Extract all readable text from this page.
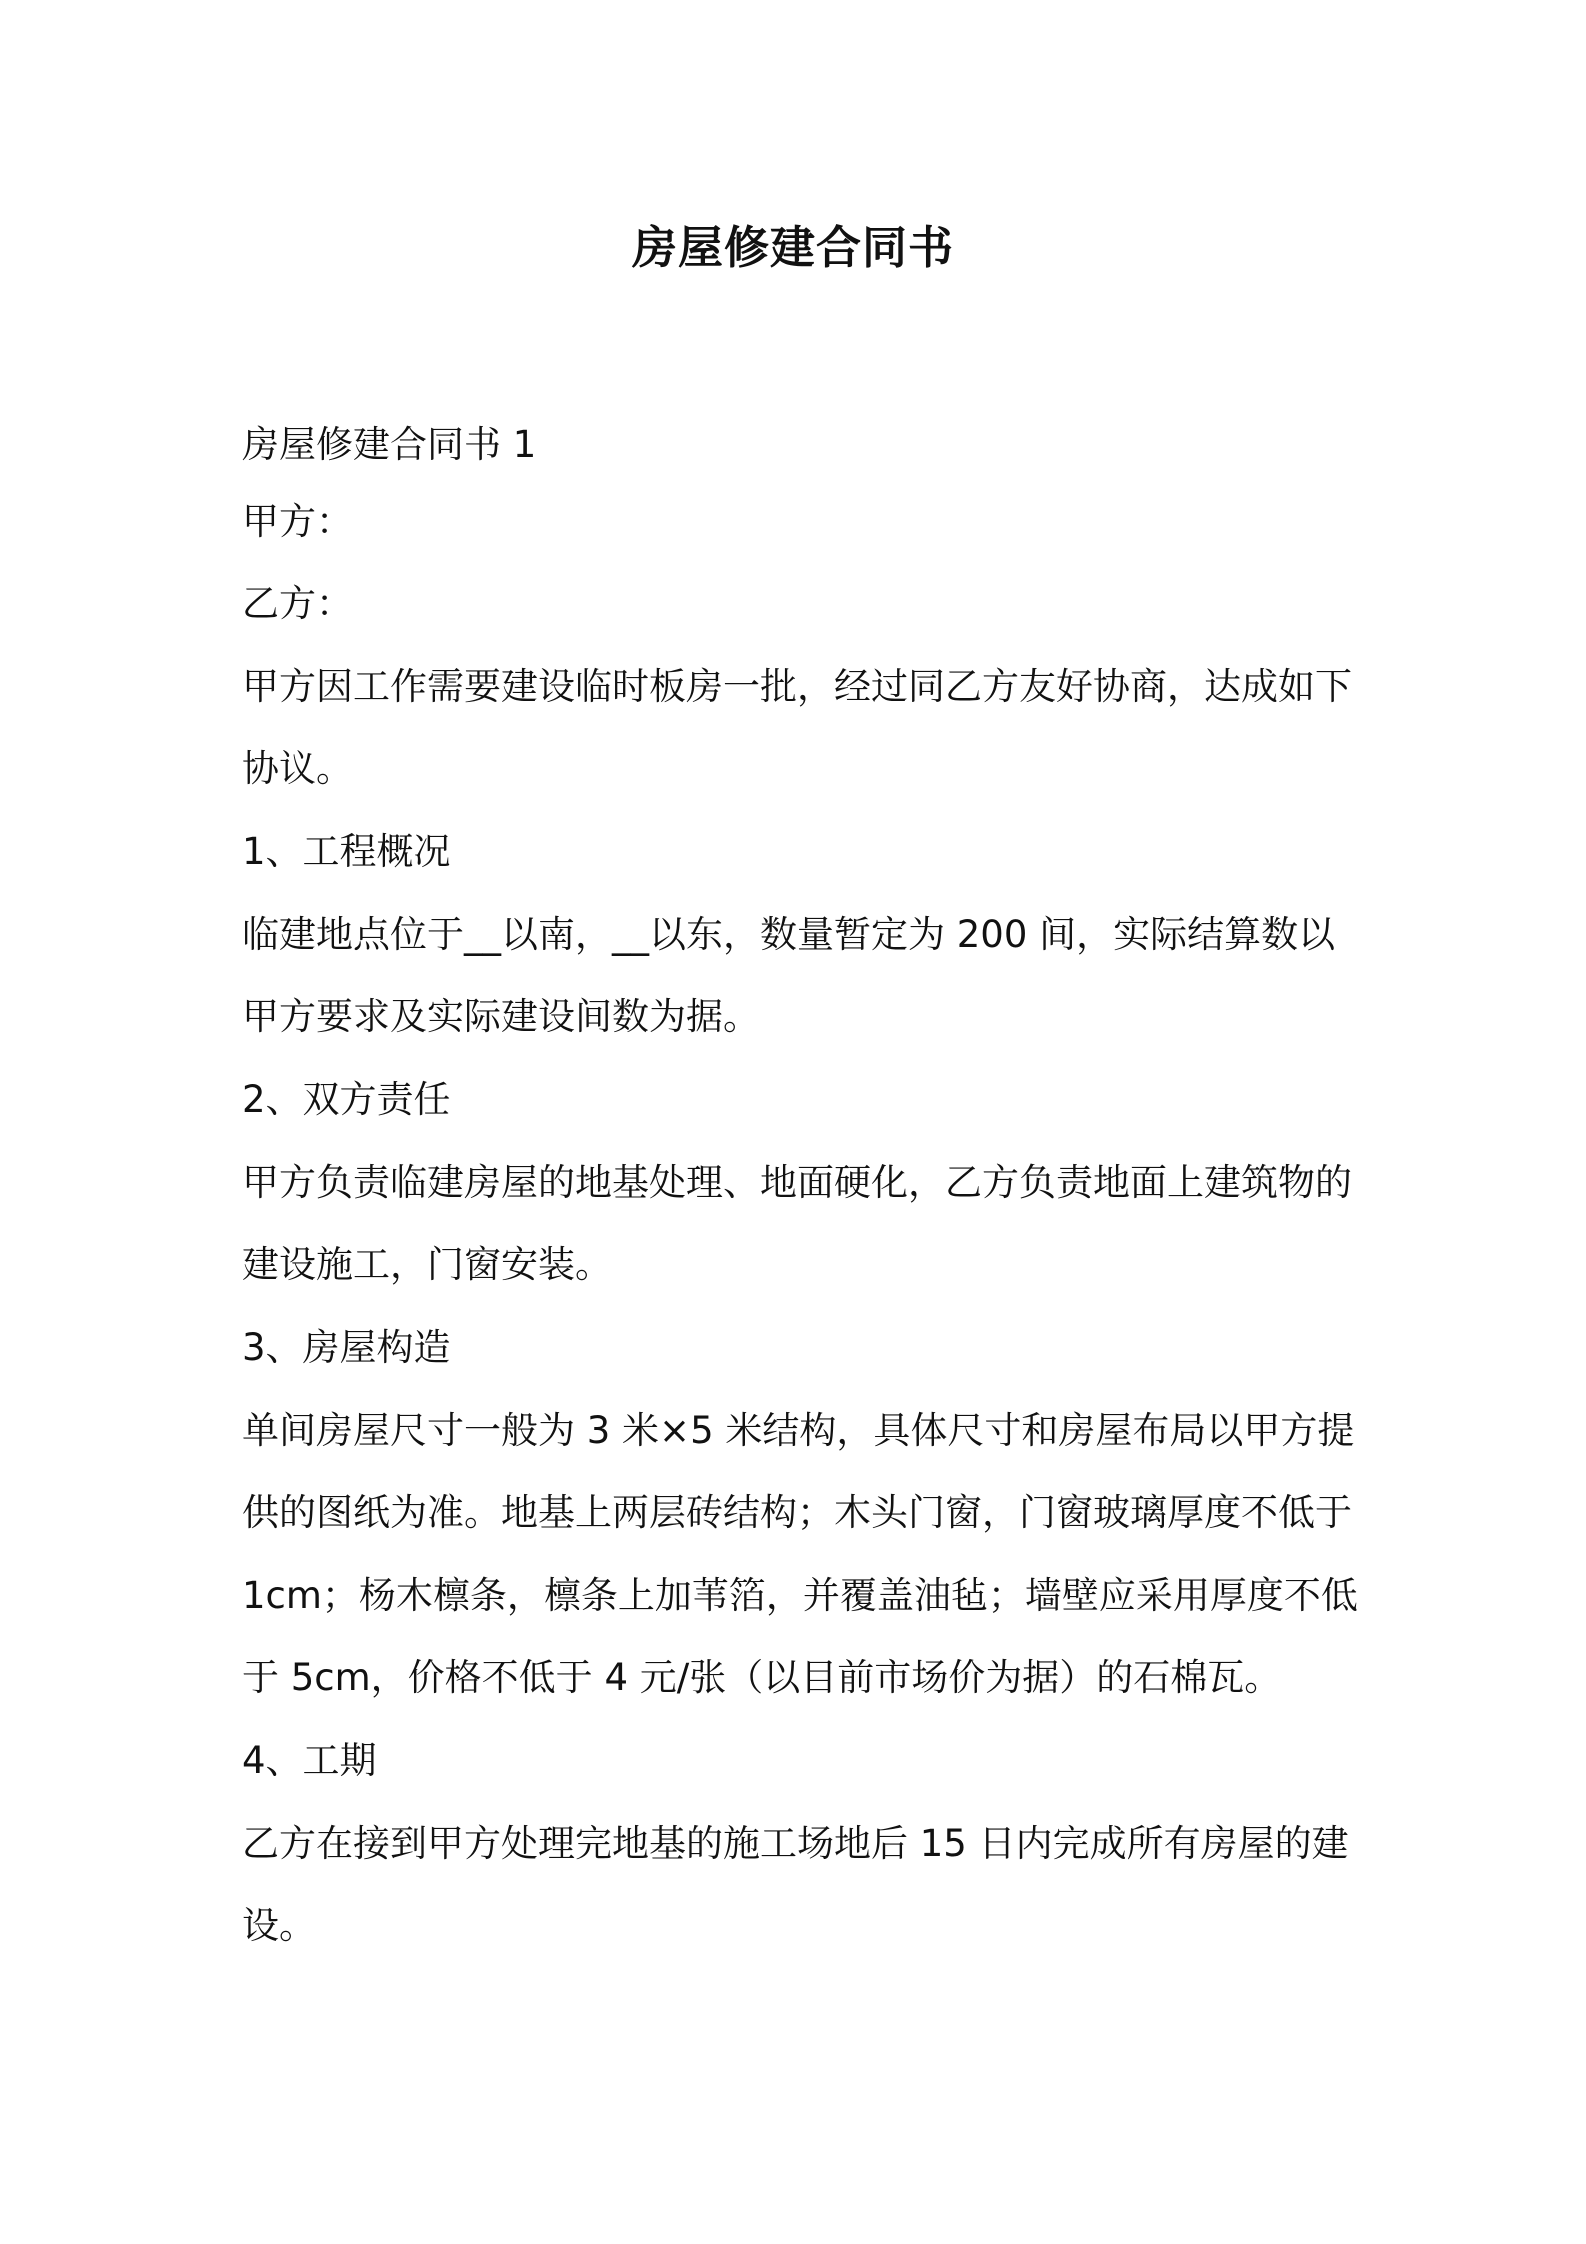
房屋修建合同书

房屋修建合同书 1

甲方：

乙方：

甲方因工作需要建设临时板房一批，经过同乙方友好协商，达成如下

协议。

1、工程概况

临建地点位于__以南，__以东，数量暂定为 200 间，实际结算数以

甲方要求及实际建设间数为据。

2、双方责任

甲方负责临建房屋的地基处理、地面硬化，乙方负责地面上建筑物的

建设施工，门窗安装。

3、房屋构造

单间房屋尺寸一般为 3 米×5 米结构，具体尺寸和房屋布局以甲方提

供的图纸为准。地基上两层砖结构；木头门窗，门窗玻璃厚度不低于

1cm；杨木檩条，檩条上加苇箔，并覆盖油毡；墙壁应采用厚度不低

于 5cm，价格不低于 4 元/张（以目前市场价为据）的石棉瓦。

4、工期

乙方在接到甲方处理完地基的施工场地后 15 日内完成所有房屋的建

设。
